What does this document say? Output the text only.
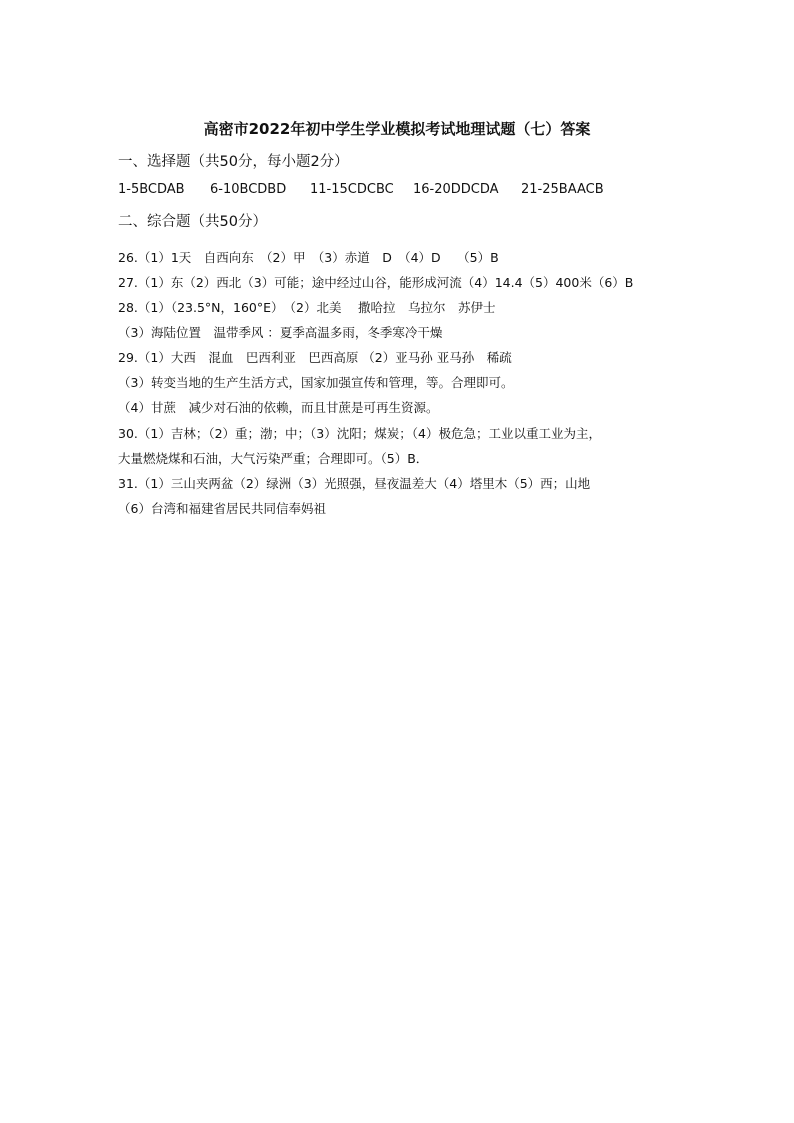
高密市2022年初中学生学业模拟考试地理试题（七）答案
一、选择题（共50分，每小题2分）
1-5BCDAB	6-10BCDBD	11-15CDCBC	16-20DDCDA	21-25BAACB
二、综合题（共50分）
26.（1）1天　自西向东　（2）甲　（3）赤道　D　（4）D　 （5）B
27.（1）东（2）西北（3）可能；途中经过山谷，能形成河流（4）14.4（5）400米（6）B
28.（1）（23.5°N，160°E）　（2）北美　 撒哈拉　乌拉尔　苏伊士
（3）海陆位置　温带季风 ：夏季高温多雨，冬季寒冷干燥
29.（1）大西　混血　巴西利亚　巴西高原 （2）亚马孙 亚马孙　稀疏
（3）转变当地的生产生活方式，国家加强宣传和管理，等。合理即可。
（4）甘蔗　减少对石油的依赖，而且甘蔗是可再生资源。
30.（1）吉林；（2）重；渤；中；（3）沈阳；煤炭；（4）极危急；工业以重工业为主，
大量燃烧煤和石油，大气污染严重；合理即可。（5）B．
31.（1）三山夹两盆（2）绿洲（3）光照强，昼夜温差大（4）塔里木（5）西；山地
（6）台湾和福建省居民共同信奉妈祖
